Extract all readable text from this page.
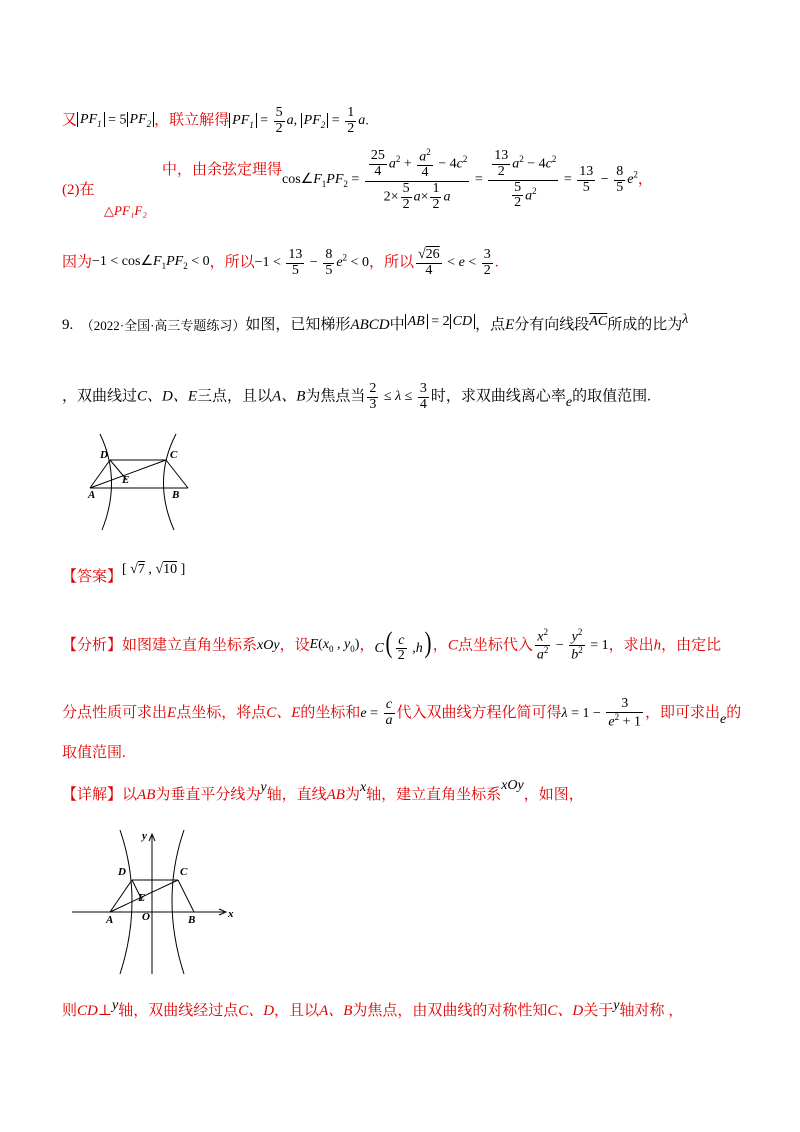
又 $PF_1 = 5$ $PF_2$ ，联立解得 $PF_1 = \frac{5}{2} a$, $PF_2 = \frac{1}{2} a$.
(2)在
△PF₁F₂
中，由余弦定理得$\cos\angle F_1PF_2 = \frac{\frac{25}{4} a^2 + \frac{a^2}{4} - 4c^2}{2\times \frac{5}{2} a\times \frac{1}{2} a} = \frac{\frac{13}{2} a^2 - 4c^2}{\frac{5}{2} a^2} = \frac{13}{5} - \frac{8}{5} e^2$，
因为$-1 < \cos\angle F_1PF_2 < 0$，所以$-1 < \frac{13}{5} - \frac{8}{5} e^2 < 0$，所以 $\frac{√26}{4} < e < \frac{3}{2}$ .
9. （2022·全国·高三专题练习）如图，已知梯形ABCD中 AB = 2 CD ，点E分有向线段$\overline{AC}$所成的比为λ
，双曲线过C、D、E三点，且以A、B为焦点当 $\frac{2}{3} \le \lambda \le \frac{3}{4}$ 时，求双曲线离心率e的取值范围.
D	C
E
A	B
【答案】[ √7 , √10 ]
【分析】如图建立直角坐标系xOy，设$E(x_0$ , $y_0$)，$C( \frac{c}{2} ,h)$ ，C点坐标代入 $\frac{x^2}{a^2} - \frac{y^2}{b^2} = 1$，求出h，由定比
分点性质可求出E点坐标，将点C、E的坐标和$e = \frac{c}{a}$ 代入双曲线方程化简可得$\lambda = 1 - \frac{3}{e^2 + 1}$ ，即可求出e的
取值范围.
【详解】以AB为垂直平分线为y轴，直线AB为x轴，建立直角坐标系xOy，如图，
y
D	C
E
A	O	B	x
则CD⊥y轴，双曲线经过点C、D，且以A、B为焦点，由双曲线的对称性知C、D关于y轴对称 ，
